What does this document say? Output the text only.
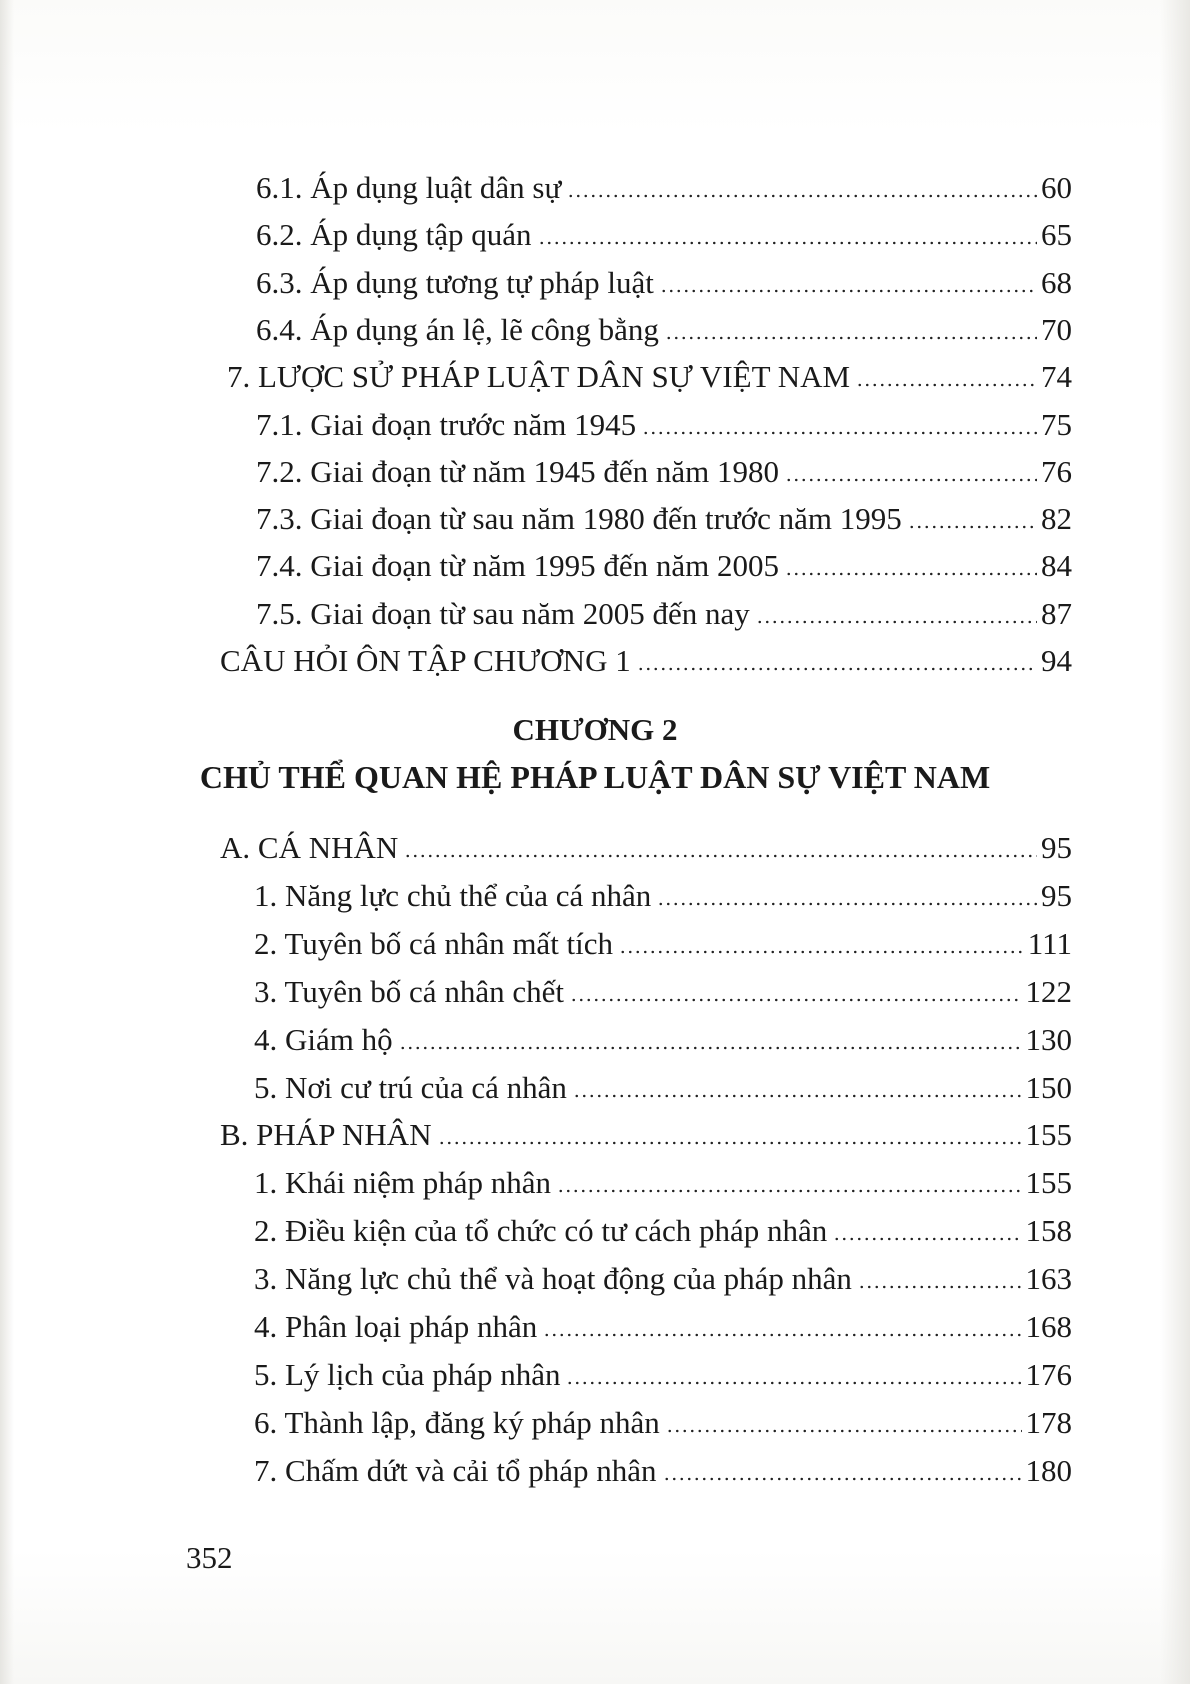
6.1. Áp dụng luật dân sự	60
6.2. Áp dụng tập quán	65
6.3. Áp dụng tương tự pháp luật	68
6.4. Áp dụng án lệ, lẽ công bằng	70
7. LƯỢC SỬ PHÁP LUẬT DÂN SỰ VIỆT NAM	74
7.1. Giai đoạn trước năm 1945	75
7.2. Giai đoạn từ năm 1945 đến năm 1980	76
7.3. Giai đoạn từ sau năm 1980 đến trước năm 1995	82
7.4. Giai đoạn từ năm 1995 đến năm 2005	84
7.5. Giai đoạn từ sau năm 2005 đến nay	87
CÂU HỎI ÔN TẬP CHƯƠNG 1	94
CHƯƠNG 2
CHỦ THỂ QUAN HỆ PHÁP LUẬT DÂN SỰ VIỆT NAM
A. CÁ NHÂN	95
1. Năng lực chủ thể của cá nhân	95
2. Tuyên bố cá nhân mất tích	111
3. Tuyên bố cá nhân chết	122
4. Giám hộ	130
5. Nơi cư trú của cá nhân	150
B. PHÁP NHÂN	155
1. Khái niệm pháp nhân	155
2. Điều kiện của tổ chức có tư cách pháp nhân	158
3. Năng lực chủ thể và hoạt động của pháp nhân	163
4. Phân loại pháp nhân	168
5. Lý lịch của pháp nhân	176
6. Thành lập, đăng ký pháp nhân	178
7. Chấm dứt và cải tổ pháp nhân	180
352
